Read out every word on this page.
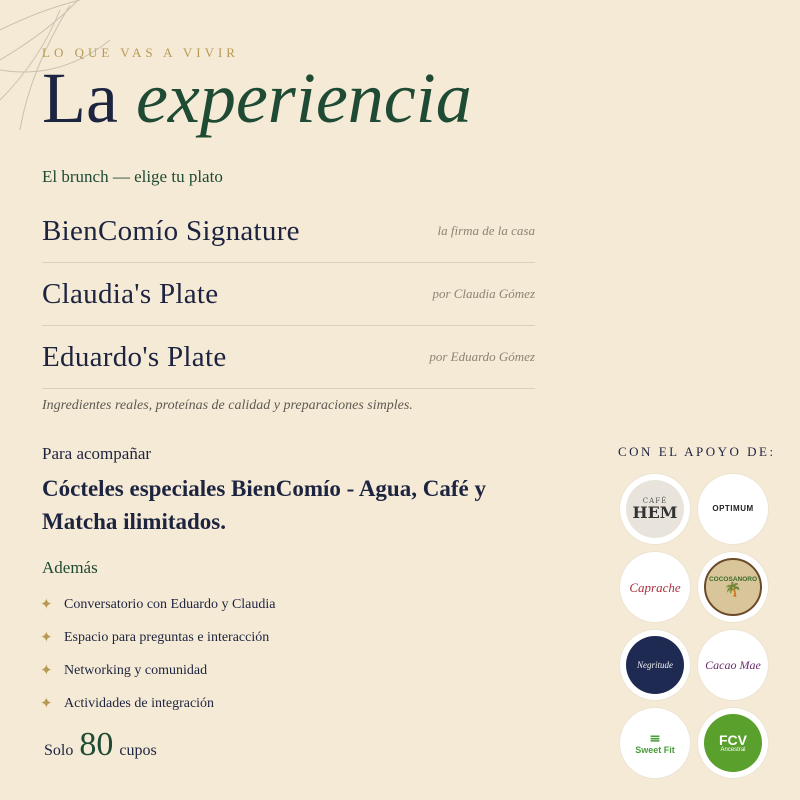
LO QUE VAS A VIVIR
La experiencia
El brunch — elige tu plato
BienComío Signature	la firma de la casa
Claudia's Plate	por Claudia Gómez
Eduardo's Plate	por Eduardo Gómez
Ingredientes reales, proteínas de calidad y preparaciones simples.
Para acompañar
Cócteles especiales BienComío - Agua, Café y Matcha ilimitados.
Además
✦ Conversatorio con Eduardo y Claudia
✦ Espacio para preguntas e interacción
✦ Networking y comunidad
✦ Actividades de integración
Solo 80 cupos
CON EL APOYO DE:
CAFÉ
HEM	OPTIMUM
Caprache
COCOSANORO
🌴
Negritude	Cacao Mae
≡
Sweet Fit
FCV
Ancestral
